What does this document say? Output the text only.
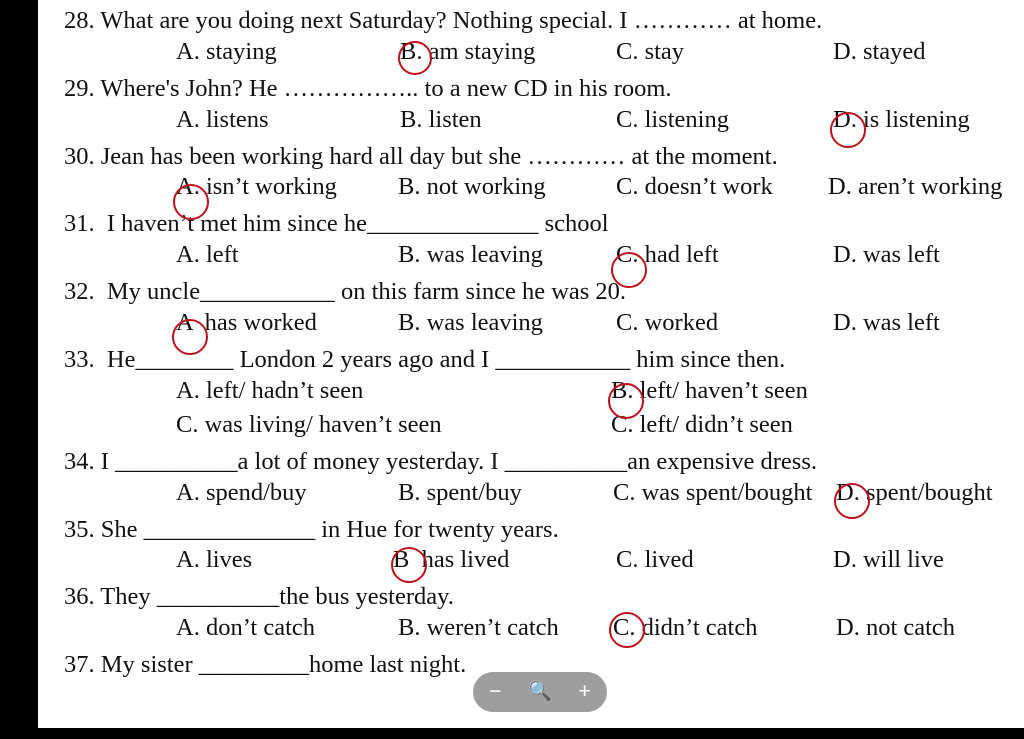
28. What are you doing next Saturday? Nothing special. I ………… at home.
A. staying	B. am staying	C. stay	D. stayed
29. Where's John? He …………….. to a new CD in his room.
A. listens	B. listen	C. listening	D. is listening
30. Jean has been working hard all day but she ………… at the moment.
A. isn’t working B. not working	C. doesn’t work D. aren’t working
31.  I haven’t met him since he______________ school
A. left	B. was leaving	C. had left	D. was left
32.  My uncle___________ on this farm since he was 20.
A  has worked	B. was leaving	C. worked	D. was left
33.  He________ London 2 years ago and I ___________ him since then.
A. left/ hadn’t seen	B. left/ haven’t seen
C. was living/ haven’t seen	C. left/ didn’t seen
34. I __________a lot of money yesterday. I __________an expensive dress.
A. spend/buy	B. spent/buy	C. was spent/bought D. spent/bought
35. She ______________ in Hue for twenty years.
A. lives	B  has lived	C. lived	D. will live
36. They __________the bus yesterday.
A. don’t catch	B. weren’t catch C. didn’t catch	D. not catch
37. My sister _________home last night.
−	🔍	+
